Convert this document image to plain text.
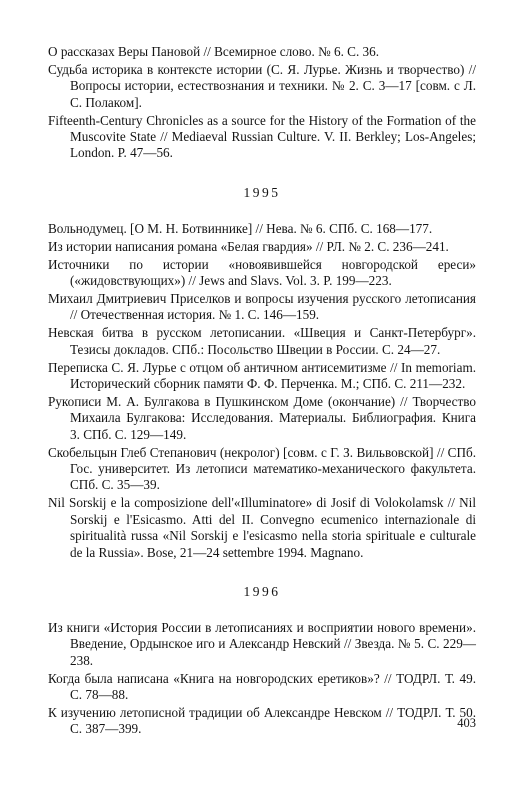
О рассказах Веры Пановой // Всемирное слово. № 6. С. 36.

Судьба историка в контексте истории (С. Я. Лурье. Жизнь и творчество) // Вопросы истории, естествознания и техники. № 2. С. 3—17 [совм. с Л. С. Полаком].

Fifteenth-Century Chronicles as a source for the History of the Formation of the Muscovite State // Mediaeval Russian Culture. V. II. Berkley; Los-Angeles; London. P. 47—56.

1995

Вольнодумец. [О М. Н. Ботвиннике] // Нева. № 6. СПб. С. 168—177.

Из истории написания романа «Белая гвардия» // РЛ. № 2. С. 236—241.

Источники по истории «новоявившейся новгородской ереси» («жидовствующих») // Jews and Slavs. Vol. 3. P. 199—223.

Михаил Дмитриевич Приселков и вопросы изучения русского летописания // Отечественная история. № 1. С. 146—159.

Невская битва в русском летописании. «Швеция и Санкт-Петербург». Тезисы докладов. СПб.: Посольство Швеции в России. С. 24—27.

Переписка С. Я. Лурье с отцом об античном антисемитизме // In memoriam. Исторический сборник памяти Ф. Ф. Перченка. М.; СПб. С. 211—232.

Рукописи М. А. Булгакова в Пушкинском Доме (окончание) // Творчество Михаила Булгакова: Исследования. Материалы. Библиография. Книга 3. СПб. С. 129—149.

Скобельцын Глеб Степанович (некролог) [совм. с Г. З. Вильвовской] // СПб. Гос. университет. Из летописи математико-механического факультета. СПб. С. 35—39.

Nil Sorskij e la composizione dell'«Illuminatore» di Josif di Volokolamsk // Nil Sorskij e l'Esicasmo. Atti del II. Convegno ecumenico internazionale di spiritualità russa «Nil Sorskij e l'esicasmo nella storia spirituale e culturale de la Russia». Bose, 21—24 settembre 1994. Magnano.

1996

Из книги «История России в летописаниях и восприятии нового времени». Введение, Ордынское иго и Александр Невский // Звезда. № 5. С. 229—238.

Когда была написана «Книга на новгородских еретиков»? // ТОДРЛ. Т. 49. С. 78—88.

К изучению летописной традиции об Александре Невском // ТОДРЛ. Т. 50. С. 387—399.	403
